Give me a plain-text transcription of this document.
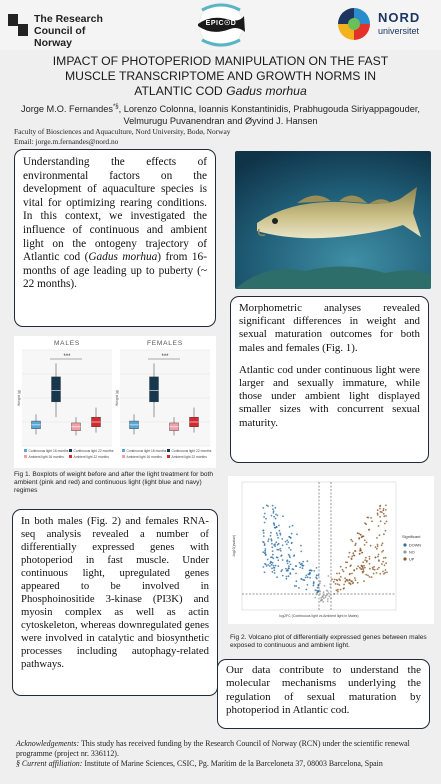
The Research
Council of Norway
EPIC☉D	NORD
universitet
IMPACT OF PHOTOPERIOD MANIPULATION ON THE FAST
MUSCLE TRANSCRIPTOME AND GROWTH NORMS IN
ATLANTIC COD Gadus morhua
Jorge M.O. Fernandes*§, Lorenzo Colonna, Ioannis Konstantinidis, Prabhugouda Siriyappagouder,
Velmurugu Puvanendran and Øyvind J. Hansen
Faculty of Biosciences and Aquaculture, Nord University, Bodø, Norway
Email: jorge.m.fernandes@nord.no
Understanding the effects of environmental factors on the development of aquaculture species is vital for optimizing rearing conditions. In this context, we investigated the influence of continuous and ambient light on the ontogeny trajectory of Atlantic cod (Gadus morhua) from 16-months of age leading up to puberty (~ 22 months).
Morphometric analyses revealed significant differences in weight and sexual maturation outcomes for both males and females (Fig. 1).
Atlantic cod under continuous light were larger and sexually immature, while those under ambient light displayed smaller sizes with concurrent sexual maturity.
MALES
Weight (g)
***
Continuous light 16 months Continuous light 22 months
Ambient light 16 months	Ambient light 22 months
FEMALES
Weight (g)
***
Continuous light 16 months Continuous light 22 months
Ambient light 16 months	Ambient light 22 months
Fig 1. Boxplots of weight before and after the light treatment for both ambient (pink and red) and continuous light (light blue and navy) regimes
In both males (Fig. 2) and females RNA-seq analysis revealed a number of differentially expressed genes with photoperiod in fast muscle. Under continuous light, upregulated genes appeared to be involved in Phosphoinositide 3-kinase (PI3K) and myosin complex as well as actin cytoskeleton, whereas downregulated genes were involved in catalytic and biosynthetic processes including autophagy-related pathways.
log2FC (Continuous light vs Ambient light in Males)
-log10(pvalue)	Significant
DOWN
NO
UP
Fig 2. Volcano plot of differentially expressed genes between males exposed to continuous and ambient light.
Our data contribute to understand the molecular mechanisms underlying the regulation of sexual maturation by photoperiod in Atlantic cod.
Acknowledgements: This study has received funding by the Research Council of Norway (RCN) under the scientific renewal programme (project nr. 336112).
§ Current affiliation: Institute of Marine Sciences, CSIC, Pg. Marítim de la Barceloneta 37, 08003 Barcelona, Spain
